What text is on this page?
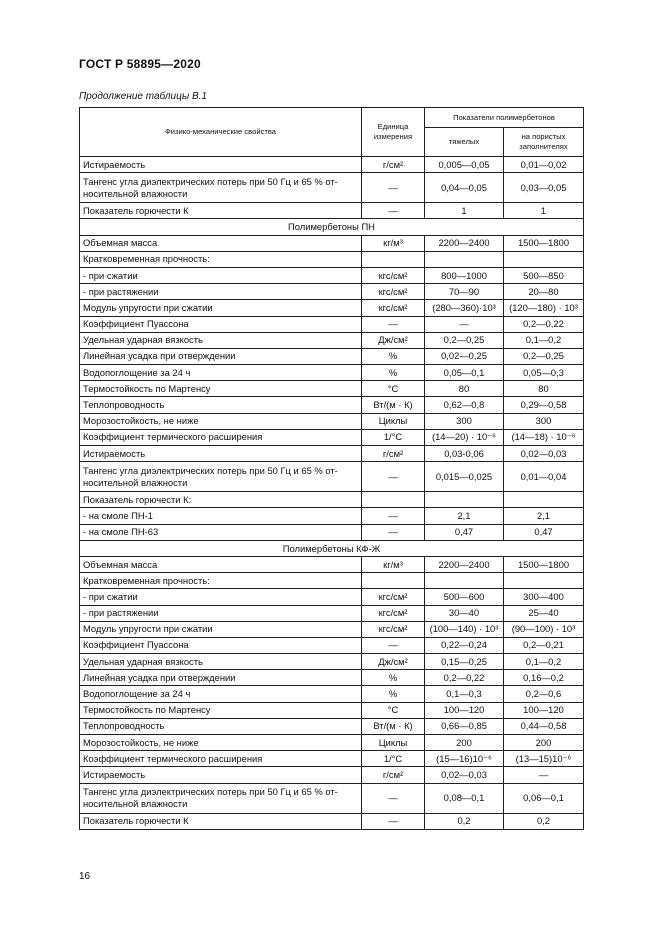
ГОСТ Р 58895—2020
Продолжение таблицы В.1
Физико-механические свойства	Единица измерения	Показатели полимербетонов	
		тяжелых	на пористых заполнителях
Истираемость	г/см²	0,005—0,05	0,01—0,02
Тангенс угла диэлектрических потерь при 50 Гц и 65 % от-носительной влажности	—	0,04—0,05	0,03—0,05
Показатель горючести К	—	1	1
Полимербетоны ПН			
Объемная масса	кг/м³	2200—2400	1500—1800
Кратковременная прочность:			
- при сжатии	кгс/см²	800—1000	500—850
- при растяжении	кгс/см²	70—90	20—80
Модуль упругости при сжатии	кгс/см²	(280—360)·10³	(120—180) · 10³
Коэффициент Пуассона	—	—	0,2—0,22
Удельная ударная вязкость	Дж/см²	0,2—0,25	0,1—0,2
Линейная усадка при отверждении	%	0,02—0,25	0,2—0,25
Водопоглощение за 24 ч	%	0,05—0,1	0,05—0,3
Термостойкость по Мартенсу	°С	80	80
Теплопроводность	Вт/(м · К)	0,62—0,8	0,29—0,58
Морозостойкость, не ниже	Циклы	300	300
Коэффициент термического расширения	1/°С	(14—20) · 10⁻⁶	(14—18) · 10⁻⁶
Истираемость	г/см²	0,03-0,06	0,02—0,03
Тангенс угла диэлектрических потерь при 50 Гц и 65 % от-носительной влажности	—	0,015—0,025	0,01—0,04
Показатель горючести К:			
- на смоле ПН-1	—	2,1	2,1
- на смоле ПН-63	—	0,47	0,47
Полимербетоны КФ-Ж			
Объемная масса	кг/м³	2200—2400	1500—1800
Кратковременная прочность:			
- при сжатии	кгс/см²	500—600	300—400
- при растяжении	кгс/см²	30—40	25—40
Модуль упругости при сжатии	кгс/см²	(100—140) · 10³	(90—100) · 10³
Коэффициент Пуассона	—	0,22—0,24	0,2—0,21
Удельная ударная вязкость	Дж/см²	0,15—0,25	0,1—0,2
Линейная усадка при отверждении	%	0,2—0,22	0,16—0,2
Водопоглощение за 24 ч	%	0,1—0,3	0,2—0,6
Термостойкость по Мартенсу	°С	100—120	100—120
Теплопроводность	Вт/(м · К)	0,66—0,85	0,44—0,58
Морозостойкость, не ниже	Циклы	200	200
Коэффициент термического расширения	1/°С	(15—16)10⁻⁶	(13—15)10⁻⁶
Истираемость	г/см²	0,02—0,03	—
Тангенс угла диэлектрических потерь при 50 Гц и 65 % от-носительной влажности	—	0,08—0,1	0,06—0,1
Показатель горючести К	—	0,2	0,2
16
